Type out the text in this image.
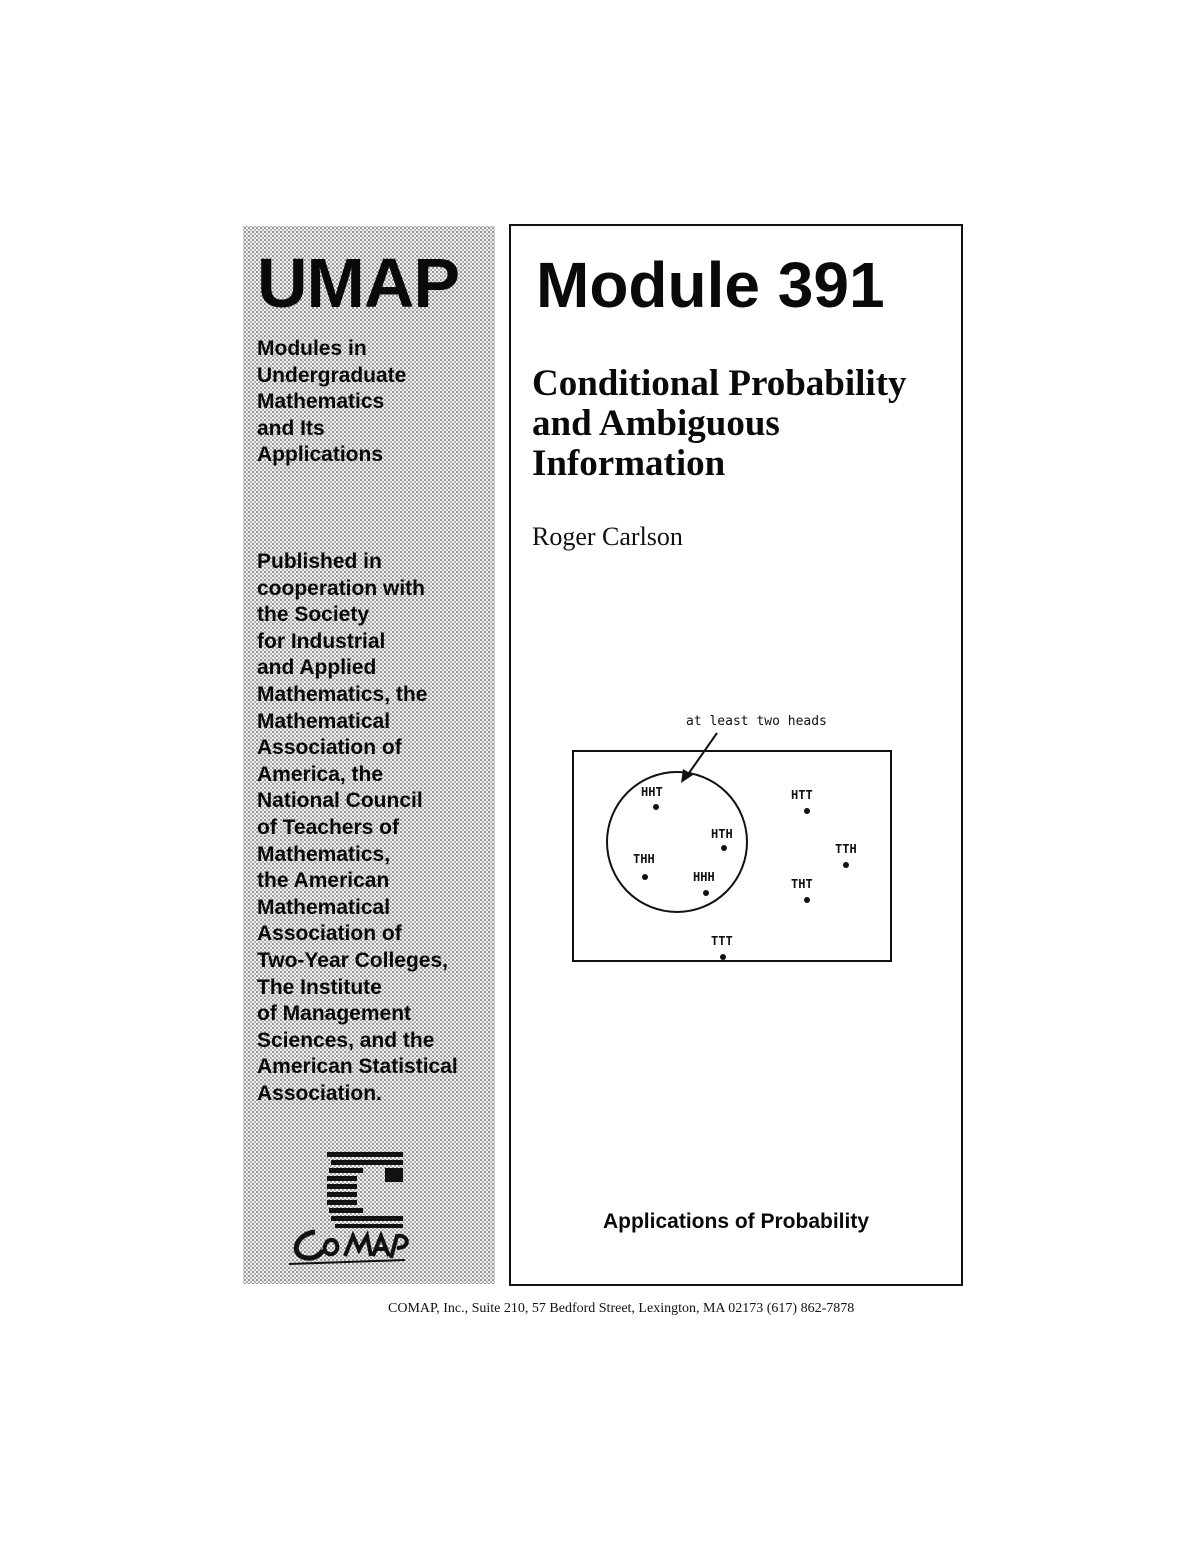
UMAP
Modules in
Undergraduate
Mathematics
and Its
Applications
Published in
cooperation with
the Society
for Industrial
and Applied
Mathematics, the
Mathematical
Association of
America, the
National Council
of Teachers of
Mathematics,
the American
Mathematical
Association of
Two-Year Colleges,
The Institute
of Management
Sciences, and the
American Statistical
Association.
Module 391
Conditional Probability
and Ambiguous
Information

Roger Carlson

at least two heads
HHT
HTH
THH
HHH
HTT
TTH
THT
TTT

Applications of Probability

COMAP, Inc., Suite 210, 57 Bedford Street, Lexington, MA 02173 (617) 862-7878
